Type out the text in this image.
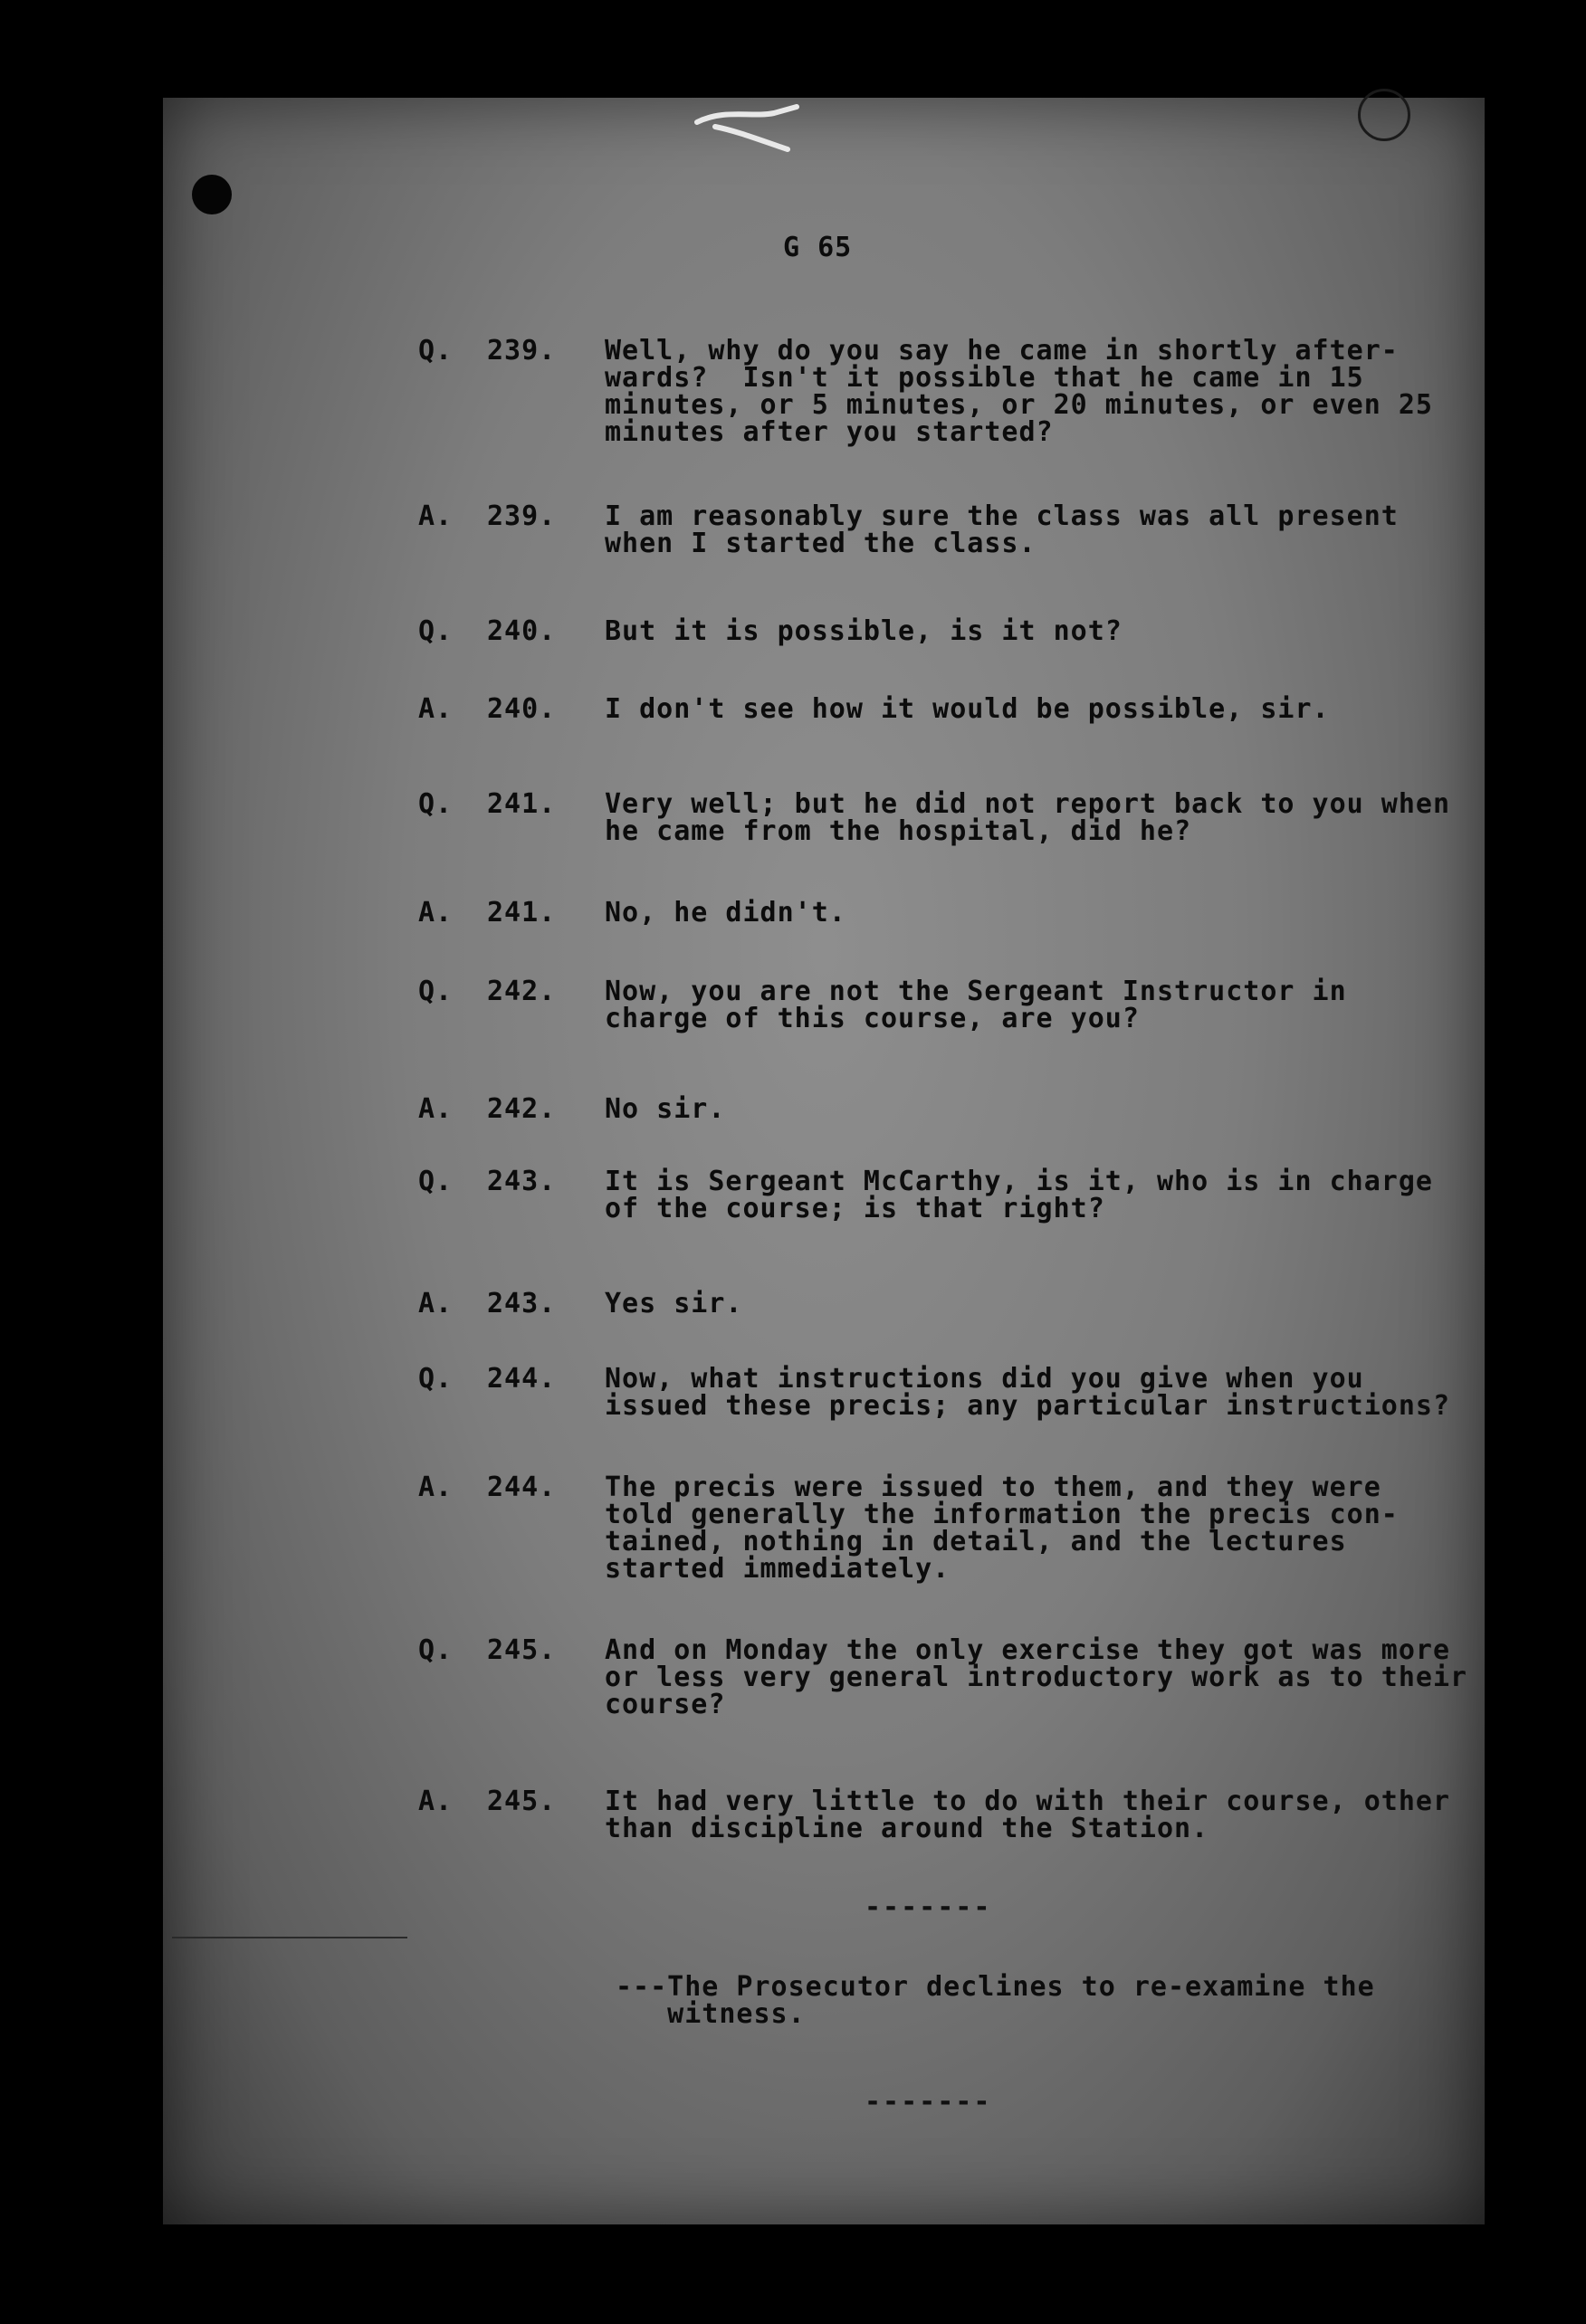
G 65
Q.	239.	Well, why do you say he came in shortly after-
wards?  Isn't it possible that he came in 15
minutes, or 5 minutes, or 20 minutes, or even 25
minutes after you started?
A.	239.	I am reasonably sure the class was all present
when I started the class.
Q.	240.	But it is possible, is it not?
A.	240.	I don't see how it would be possible, sir.
Q.	241.	Very well; but he did not report back to you when
he came from the hospital, did he?
A.	241.	No, he didn't.
Q.	242.	Now, you are not the Sergeant Instructor in
charge of this course, are you?
A.	242.	No sir.
Q.	243.	It is Sergeant McCarthy, is it, who is in charge
of the course; is that right?
A.	243.	Yes sir.
Q.	244.	Now, what instructions did you give when you
issued these precis; any particular instructions?
A.	244.	The precis were issued to them, and they were
told generally the information the precis con-
tained, nothing in detail, and the lectures
started immediately.
Q.	245.	And on Monday the only exercise they got was more
or less very general introductory work as to their
course?
A.	245.	It had very little to do with their course, other
than discipline around the Station.
-------
---The Prosecutor declines to re-examine the
witness.
-------
